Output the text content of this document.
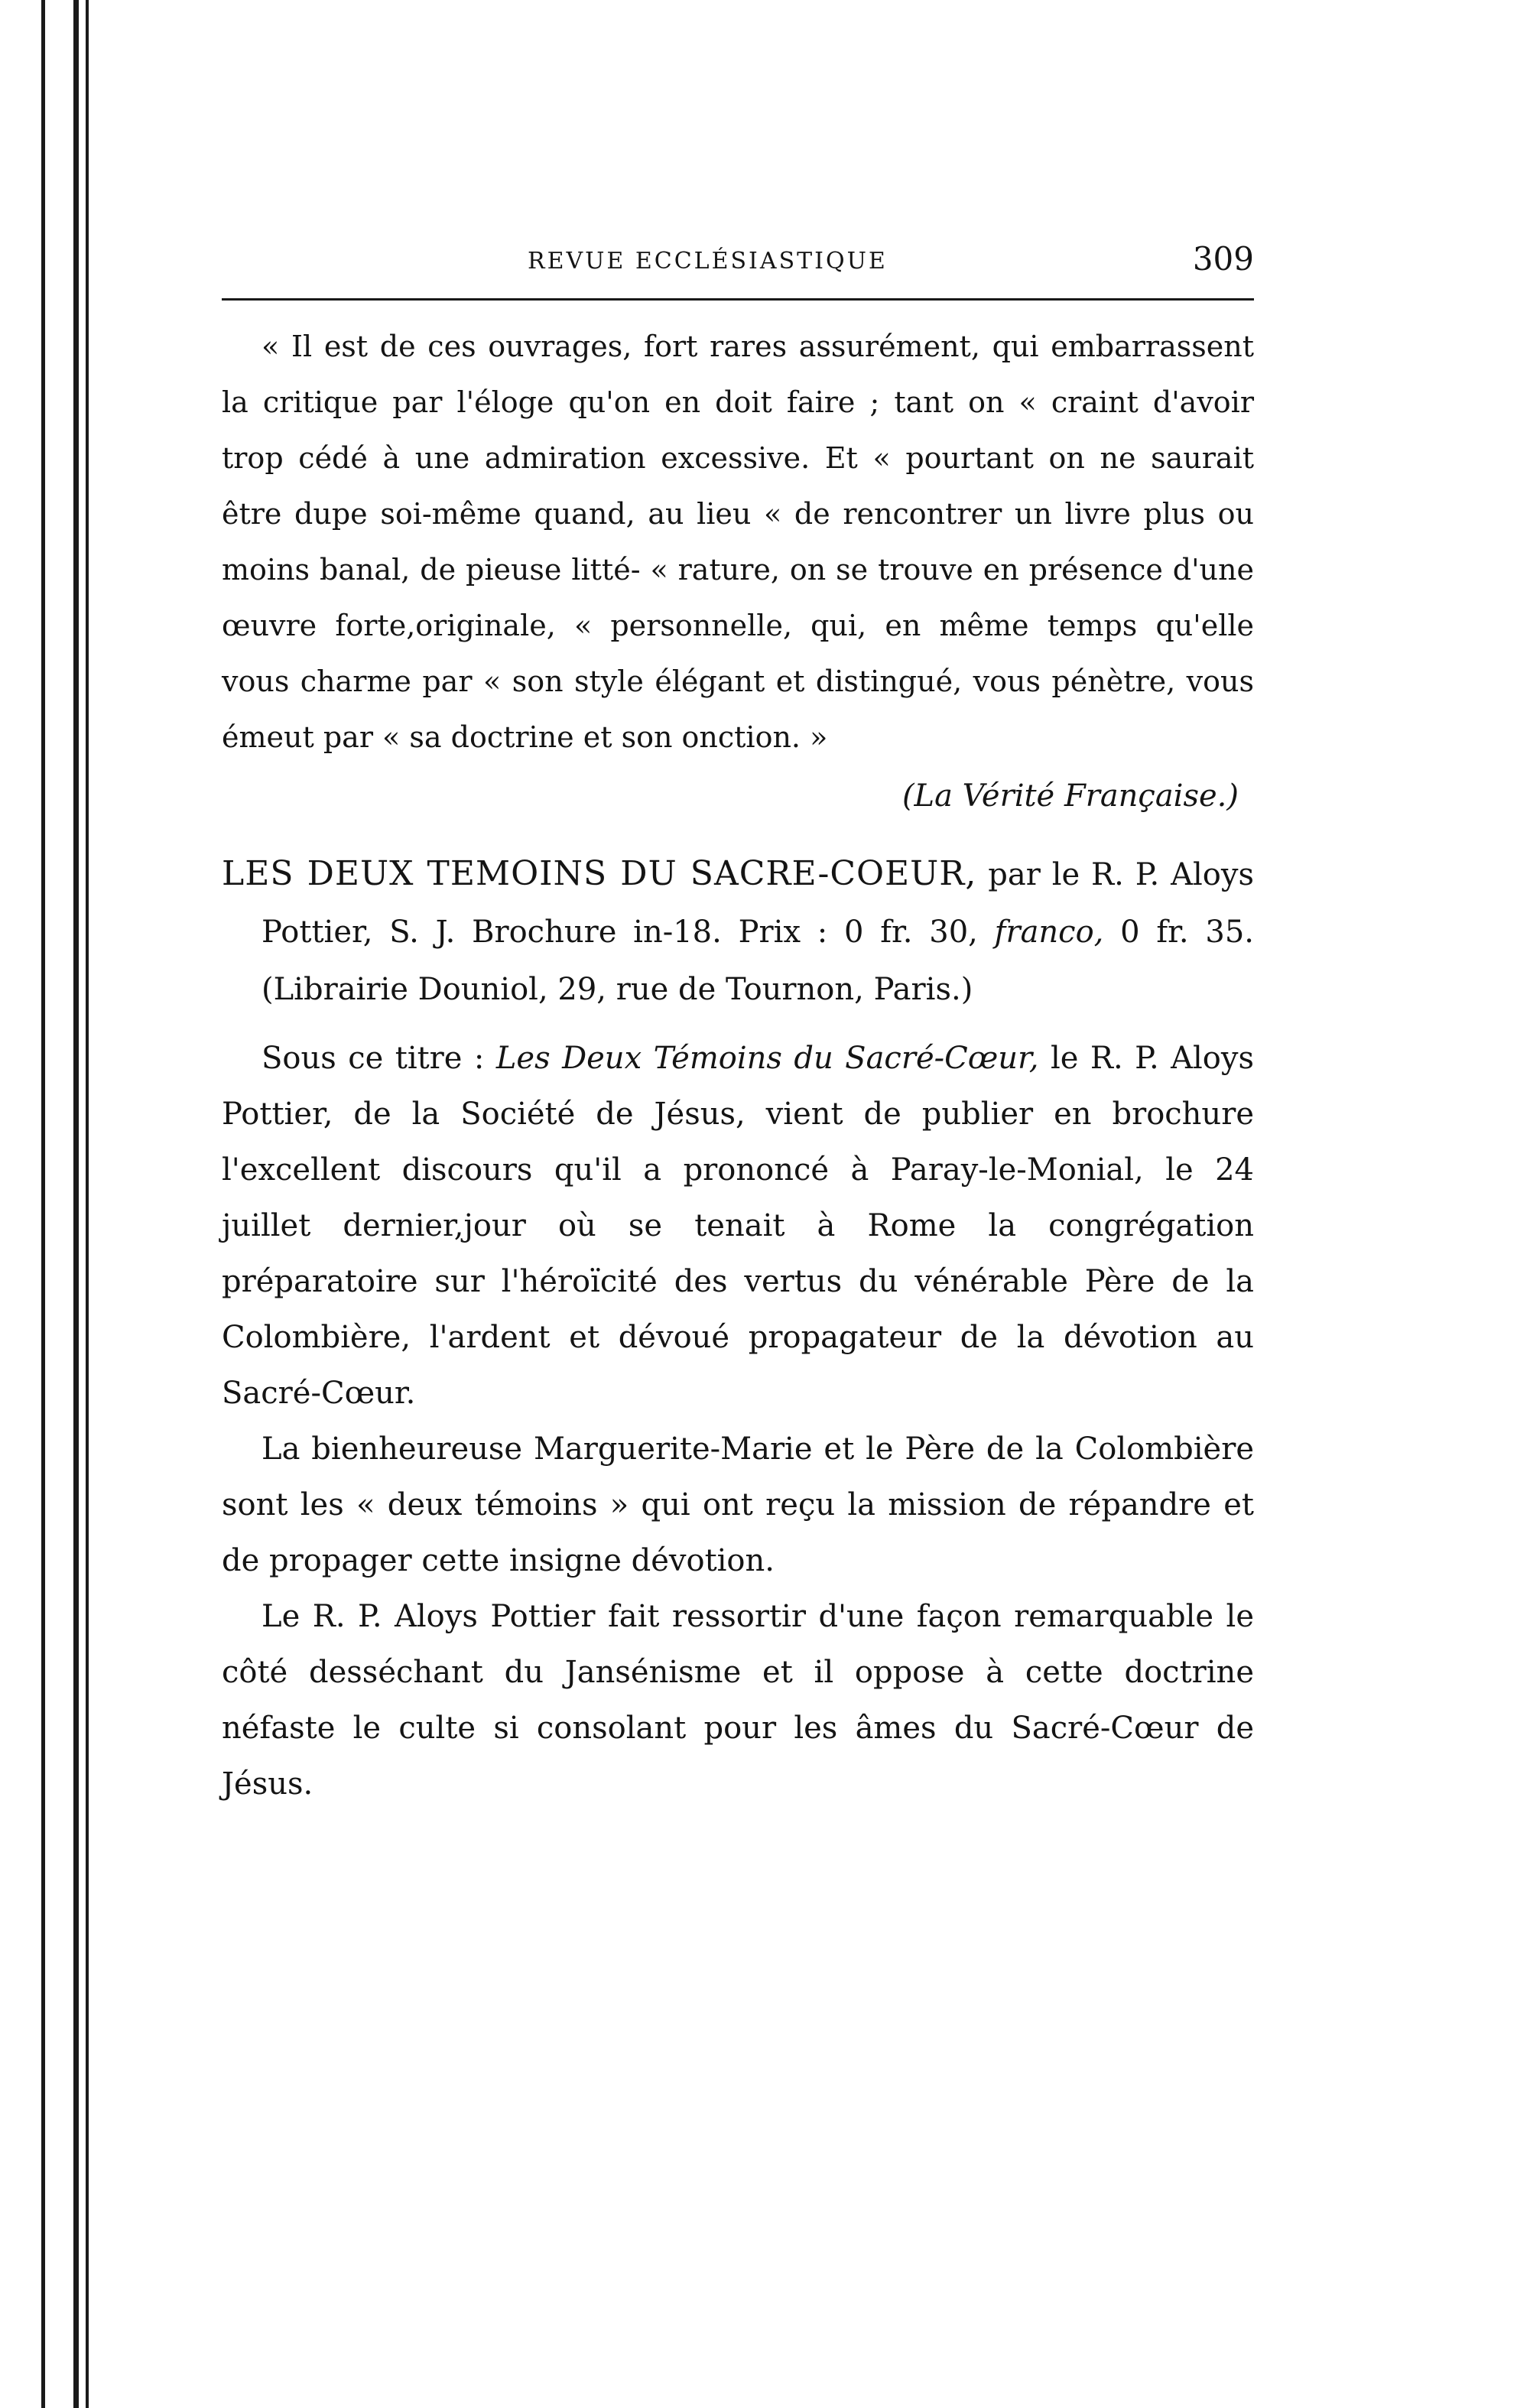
REVUE ECCLÉSIASTIQUE	309

« Il est de ces ouvrages, fort rares assurément, qui embarrassent la critique par l'éloge qu'on en doit faire ; tant on « craint d'avoir trop cédé à une admiration excessive. Et « pourtant on ne saurait être dupe soi-même quand, au lieu « de rencontrer un livre plus ou moins banal, de pieuse litté- « rature, on se trouve en présence d'une œuvre forte,originale, « personnelle, qui, en même temps qu'elle vous charme par « son style élégant et distingué, vous pénètre, vous émeut par « sa doctrine et son onction. »

(La Vérité Française.)

LES DEUX TEMOINS DU SACRE-COEUR, par le R. P. Aloys Pottier, S. J. Brochure in-18. Prix : 0 fr. 30, franco, 0 fr. 35. (Librairie Douniol, 29, rue de Tournon, Paris.)

Sous ce titre : Les Deux Témoins du Sacré-Cœur, le R. P. Aloys Pottier, de la Société de Jésus, vient de publier en brochure l'excellent discours qu'il a prononcé à Paray-le-Monial, le 24 juillet dernier,jour où se tenait à Rome la congrégation préparatoire sur l'héroïcité des vertus du vénérable Père de la Colombière, l'ardent et dévoué propagateur de la dévotion au Sacré-Cœur.

La bienheureuse Marguerite-Marie et le Père de la Colombière sont les « deux témoins » qui ont reçu la mission de répandre et de propager cette insigne dévotion.

Le R. P. Aloys Pottier fait ressortir d'une façon remarquable le côté desséchant du Jansénisme et il oppose à cette doctrine néfaste le culte si consolant pour les âmes du Sacré-Cœur de Jésus.
